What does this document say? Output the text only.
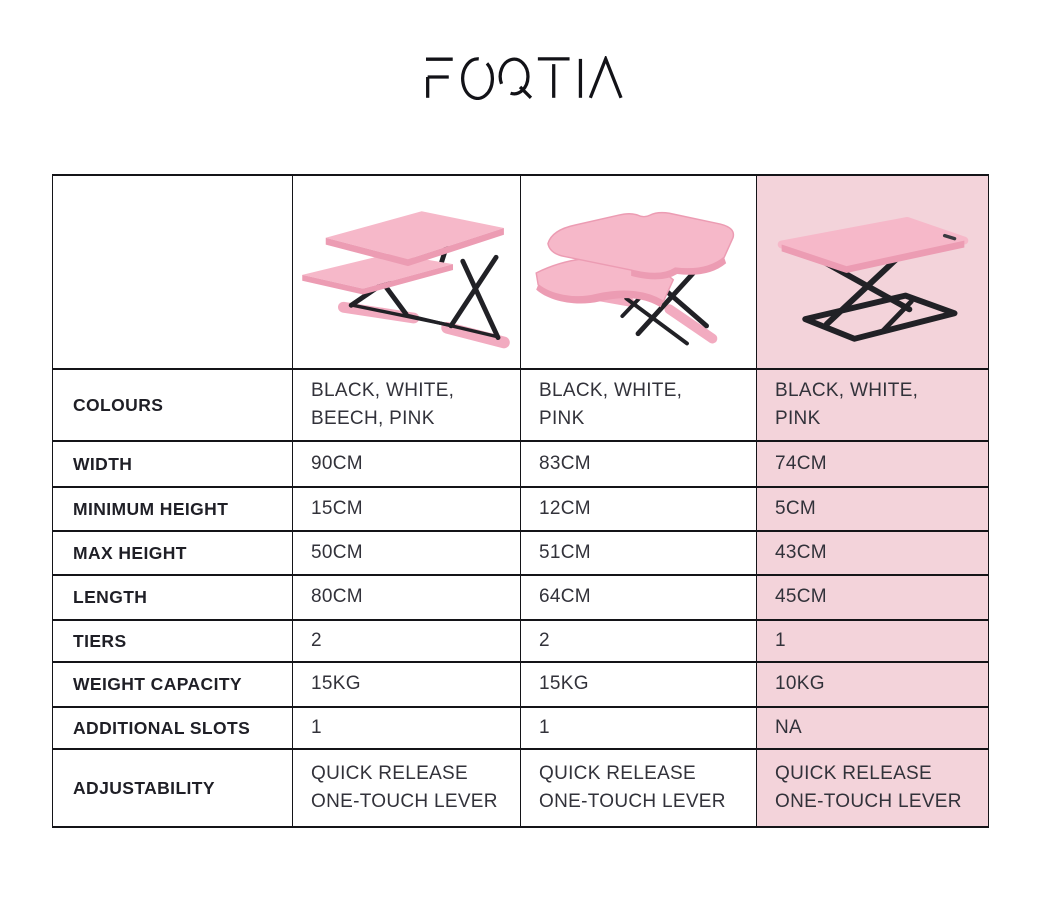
COLOURS	BLACK, WHITE, BEECH, PINK	BLACK, WHITE, PINK	BLACK, WHITE, PINK

WIDTH	90CM	83CM	74CM
MINIMUM HEIGHT	15CM	12CM	5CM
MAX HEIGHT	50CM	51CM	43CM
LENGTH	80CM	64CM	45CM
TIERS	2	2	1
WEIGHT CAPACITY	15KG	15KG	10KG
ADDITIONAL SLOTS	1	1	NA
ADJUSTABILITY	QUICK RELEASE ONE-TOUCH LEVER	QUICK RELEASE ONE-TOUCH LEVER	QUICK RELEASE ONE-TOUCH LEVER
